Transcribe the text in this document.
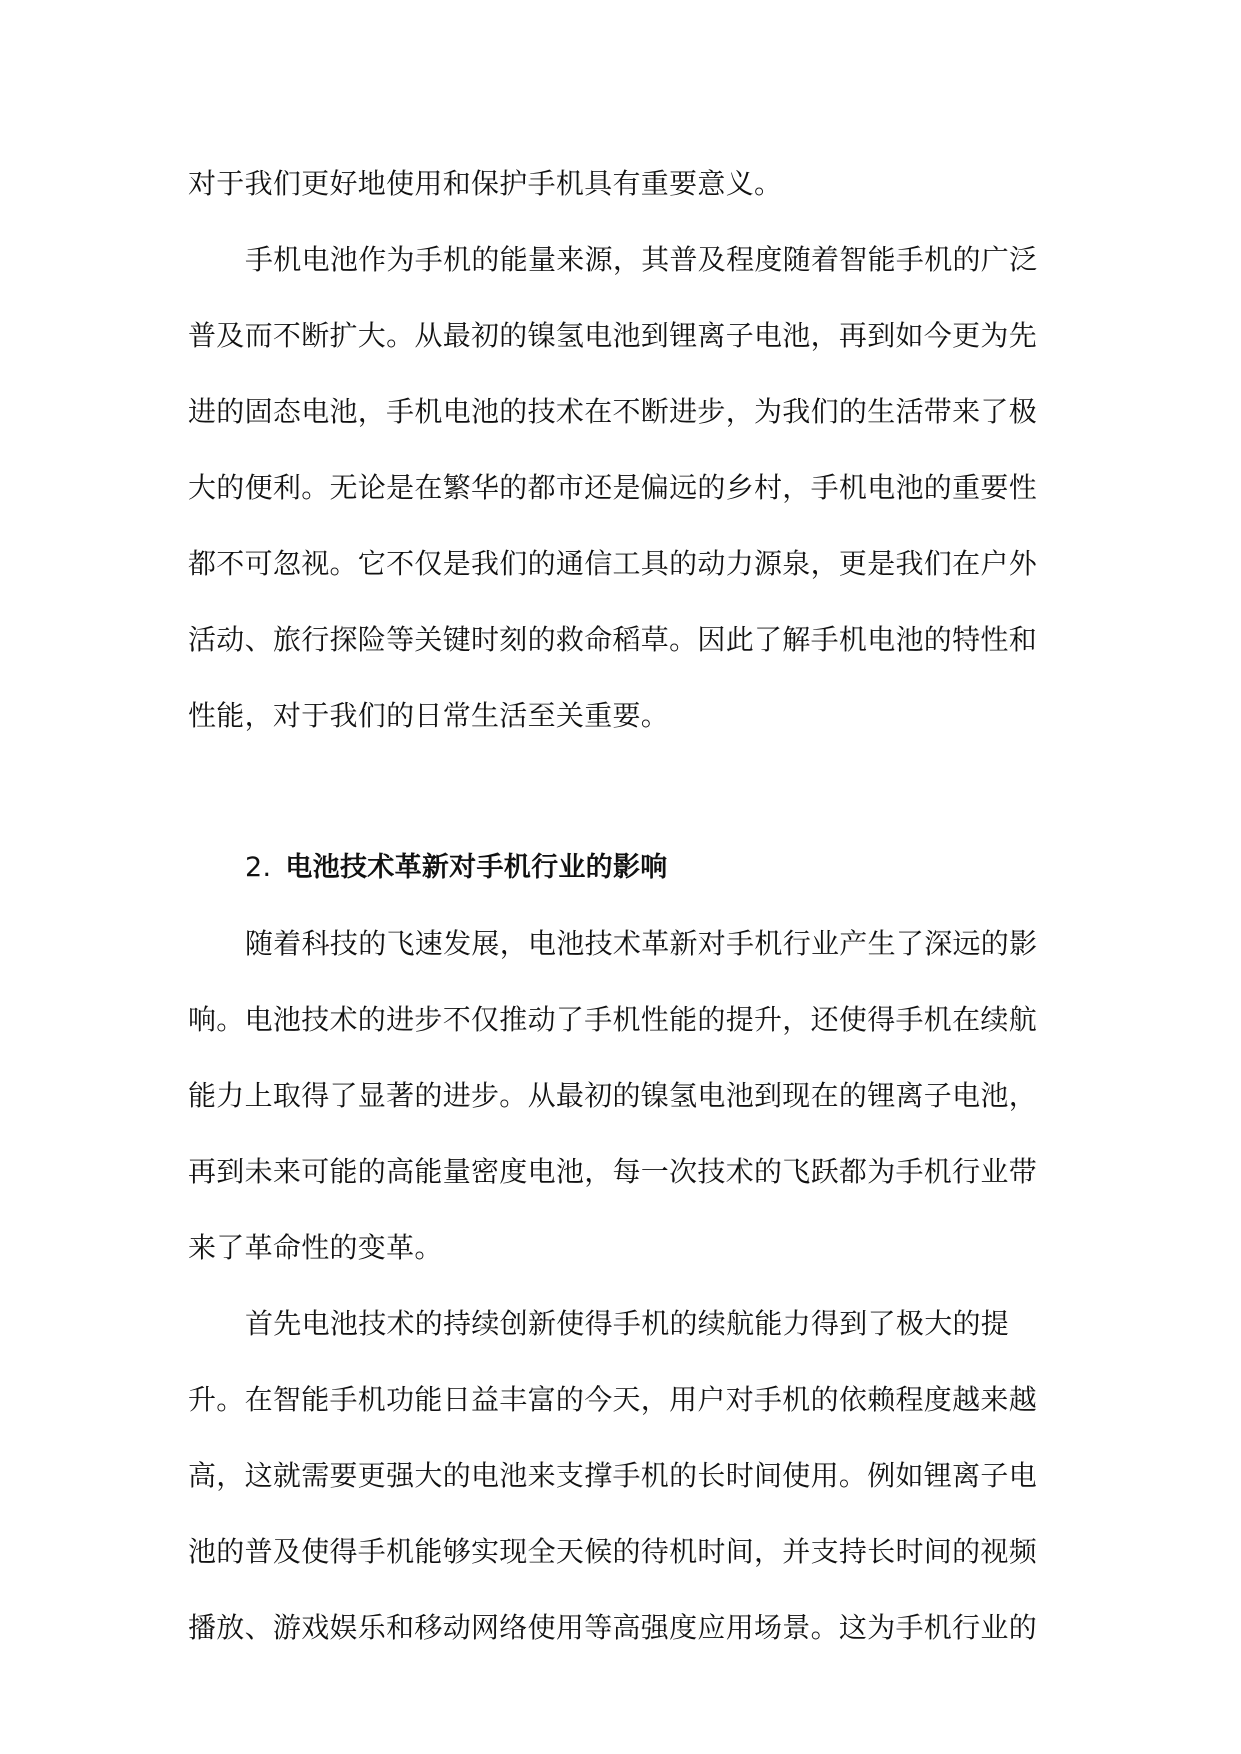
对于我们更好地使用和保护手机具有重要意义。
手机电池作为手机的能量来源，其普及程度随着智能手机的广泛
普及而不断扩大。从最初的镍氢电池到锂离子电池，再到如今更为先
进的固态电池，手机电池的技术在不断进步，为我们的生活带来了极
大的便利。无论是在繁华的都市还是偏远的乡村，手机电池的重要性
都不可忽视。它不仅是我们的通信工具的动力源泉，更是我们在户外
活动、旅行探险等关键时刻的救命稻草。因此了解手机电池的特性和
性能，对于我们的日常生活至关重要。
2. 电池技术革新对手机行业的影响
随着科技的飞速发展，电池技术革新对手机行业产生了深远的影
响。电池技术的进步不仅推动了手机性能的提升，还使得手机在续航
能力上取得了显著的进步。从最初的镍氢电池到现在的锂离子电池，
再到未来可能的高能量密度电池，每一次技术的飞跃都为手机行业带
来了革命性的变革。
首先电池技术的持续创新使得手机的续航能力得到了极大的提
升。在智能手机功能日益丰富的今天，用户对手机的依赖程度越来越
高，这就需要更强大的电池来支撑手机的长时间使用。例如锂离子电
池的普及使得手机能够实现全天候的待机时间，并支持长时间的视频
播放、游戏娱乐和移动网络使用等高强度应用场景。这为手机行业的
